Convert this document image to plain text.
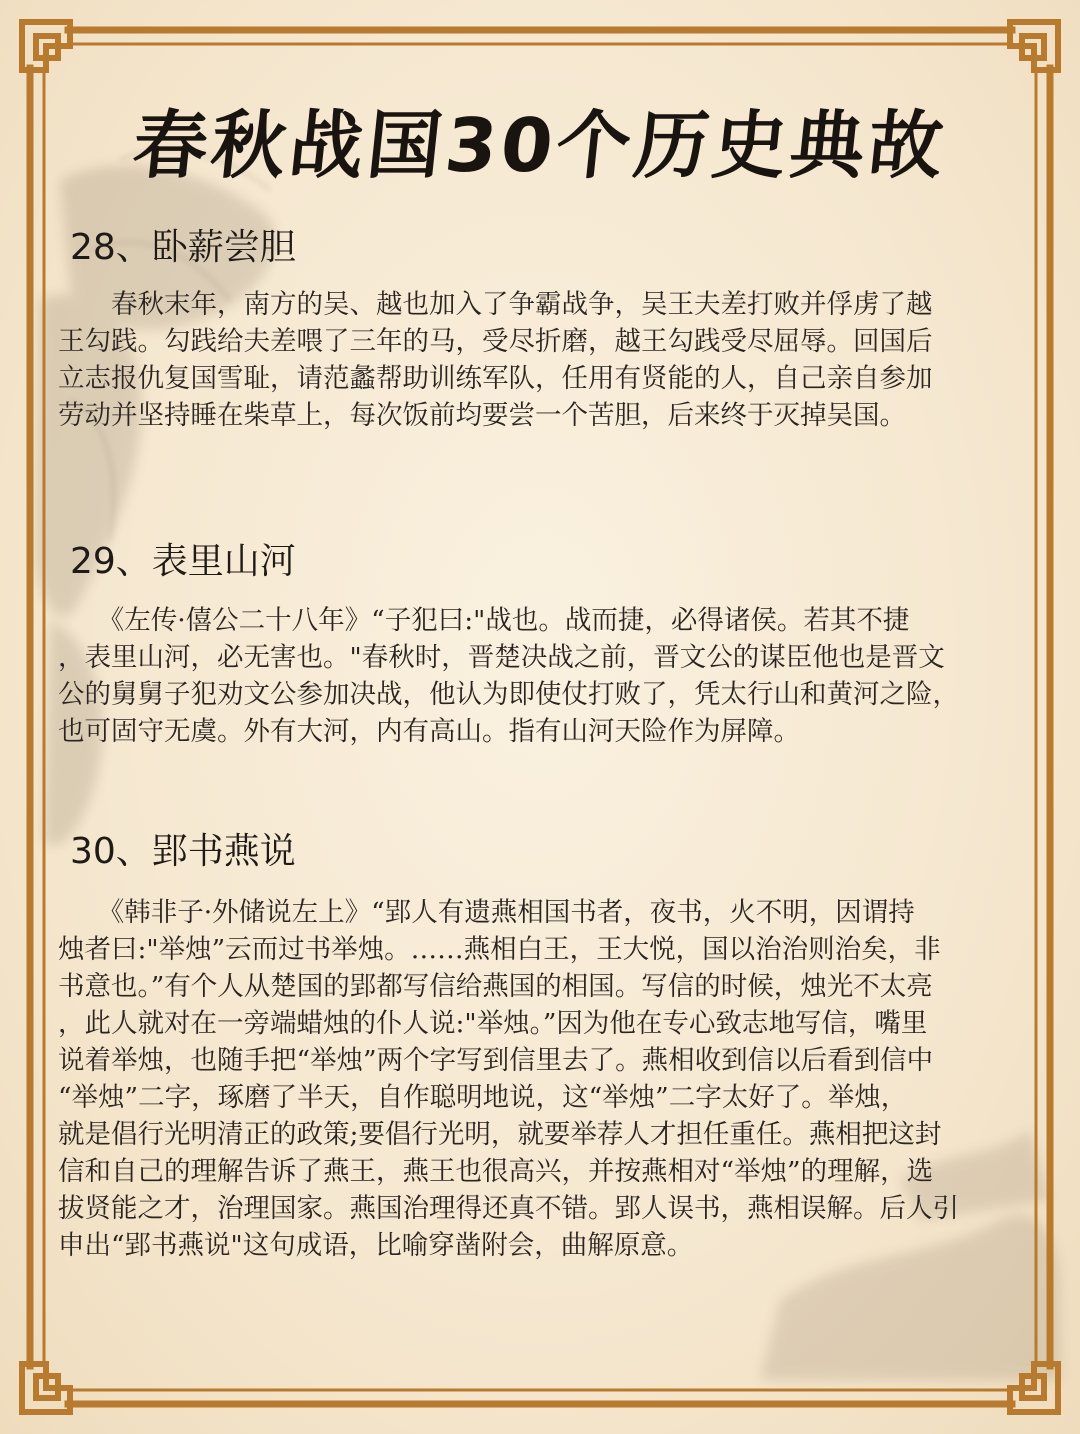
春秋战国30个历史典故
28、卧薪尝胆
　　春秋末年，南方的吴、越也加入了争霸战争，吴王夫差打败并俘虏了越
王勾践。勾践给夫差喂了三年的马，受尽折磨，越王勾践受尽屈辱。回国后
立志报仇复国雪耻，请范蠡帮助训练军队，任用有贤能的人，自己亲自参加
劳动并坚持睡在柴草上，每次饭前均要尝一个苦胆，后来终于灭掉吴国。
29、表里山河
　　《左传·僖公二十八年》“子犯曰:"战也。战而捷，必得诸侯。若其不捷
，表里山河，必无害也。"春秋时，晋楚决战之前，晋文公的谋臣他也是晋文
公的舅舅子犯劝文公参加决战，他认为即使仗打败了，凭太行山和黄河之险，
也可固守无虞。外有大河，内有高山。指有山河天险作为屏障。
30、郢书燕说
　　《韩非子·外储说左上》“郢人有遗燕相国书者，夜书，火不明，因谓持
烛者曰:"举烛”云而过书举烛。……燕相白王，王大悦，国以治治则治矣，非
书意也。”有个人从楚国的郢都写信给燕国的相国。写信的时候，烛光不太亮
，此人就对在一旁端蜡烛的仆人说:"举烛。”因为他在专心致志地写信，嘴里
说着举烛，也随手把“举烛”两个字写到信里去了。燕相收到信以后看到信中
“举烛”二字，琢磨了半天，自作聪明地说，这“举烛”二字太好了。举烛，
就是倡行光明清正的政策;要倡行光明，就要举荐人才担任重任。燕相把这封
信和自己的理解告诉了燕王，燕王也很高兴，并按燕相对“举烛”的理解，选
拔贤能之才，治理国家。燕国治理得还真不错。郢人误书，燕相误解。后人引
申出“郢书燕说"这句成语，比喻穿凿附会，曲解原意。
